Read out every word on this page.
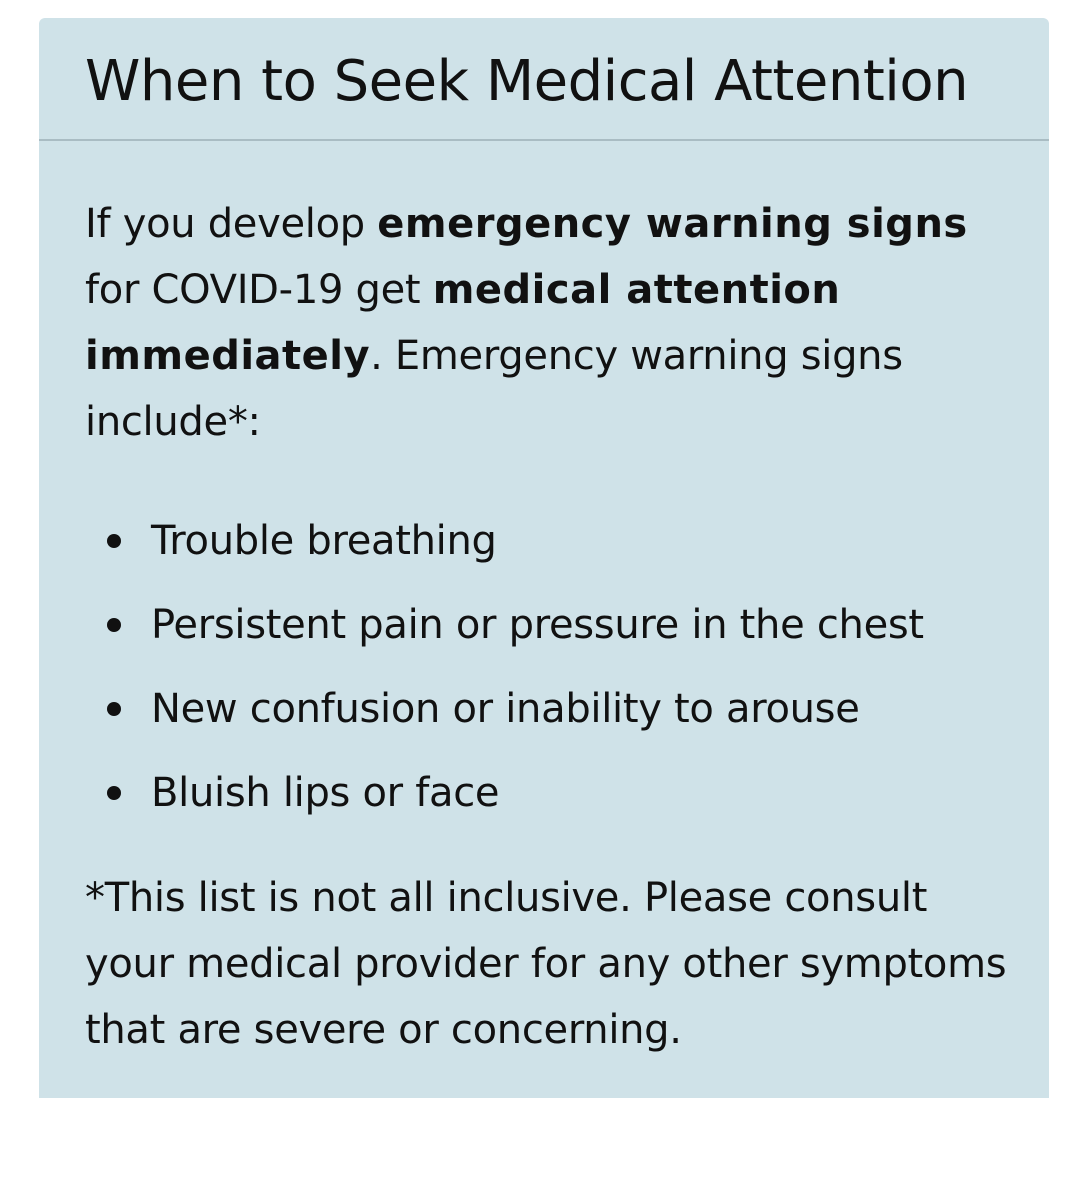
When to Seek Medical Attention

If you develop emergency warning signs for COVID-19 get medical attention immediately. Emergency warning signs include*:

Trouble breathing
Persistent pain or pressure in the chest
New confusion or inability to arouse
Bluish lips or face

*This list is not all inclusive. Please consult your medical provider for any other symptoms that are severe or concerning.
